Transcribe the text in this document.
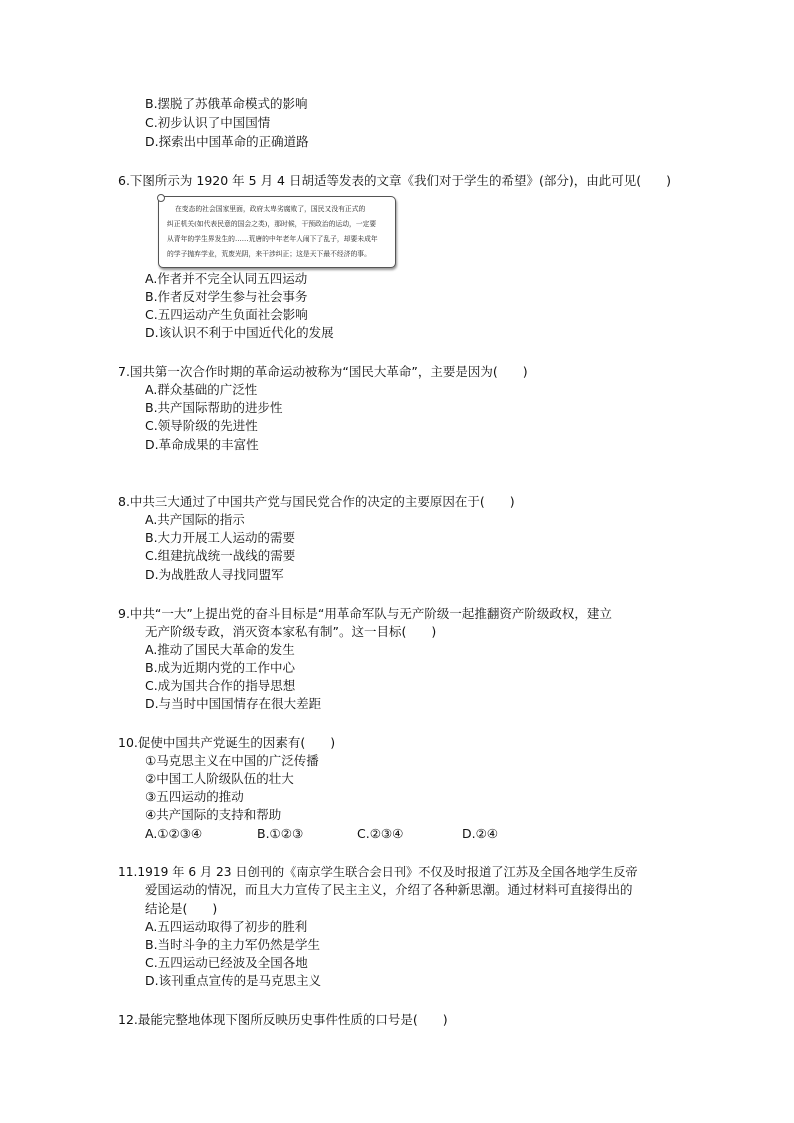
B.摆脱了苏俄革命模式的影响
C.初步认识了中国国情
D.探索出中国革命的正确道路
6.下图所示为 1920 年 5 月 4 日胡适等发表的文章《我们对于学生的希望》(部分)，由此可见(　　)
在变态的社会国家里面，政府太卑劣腐败了，国民又没有正式的
纠正机关(如代表民意的国会之类)，那时候，干预政治的运动，一定要
从青年的学生界发生的……荒唐的中年老年人闹下了乱子，却要未成年
的学子抛弃学业，荒废光阴，来干涉纠正；这是天下最不经济的事。
A.作者并不完全认同五四运动
B.作者反对学生参与社会事务
C.五四运动产生负面社会影响
D.该认识不利于中国近代化的发展
7.国共第一次合作时期的革命运动被称为“国民大革命”，主要是因为(　　)
A.群众基础的广泛性
B.共产国际帮助的进步性
C.领导阶级的先进性
D.革命成果的丰富性
8.中共三大通过了中国共产党与国民党合作的决定的主要原因在于(　　)
A.共产国际的指示
B.大力开展工人运动的需要
C.组建抗战统一战线的需要
D.为战胜敌人寻找同盟军
9.中共“一大”上提出党的奋斗目标是“用革命军队与无产阶级一起推翻资产阶级政权，建立
无产阶级专政，消灭资本家私有制”。这一目标(　　)
A.推动了国民大革命的发生
B.成为近期内党的工作中心
C.成为国共合作的指导思想
D.与当时中国国情存在很大差距
10.促使中国共产党诞生的因素有(　　)
①马克思主义在中国的广泛传播
②中国工人阶级队伍的壮大
③五四运动的推动
④共产国际的支持和帮助
A.①②③④	B.①②③	C.②③④	D.②④
11.1919 年 6 月 23 日创刊的《南京学生联合会日刊》不仅及时报道了江苏及全国各地学生反帝
爱国运动的情况，而且大力宣传了民主主义，介绍了各种新思潮。通过材料可直接得出的
结论是(　　)
A.五四运动取得了初步的胜利
B.当时斗争的主力军仍然是学生
C.五四运动已经波及全国各地
D.该刊重点宣传的是马克思主义
12.最能完整地体现下图所反映历史事件性质的口号是(　　)
